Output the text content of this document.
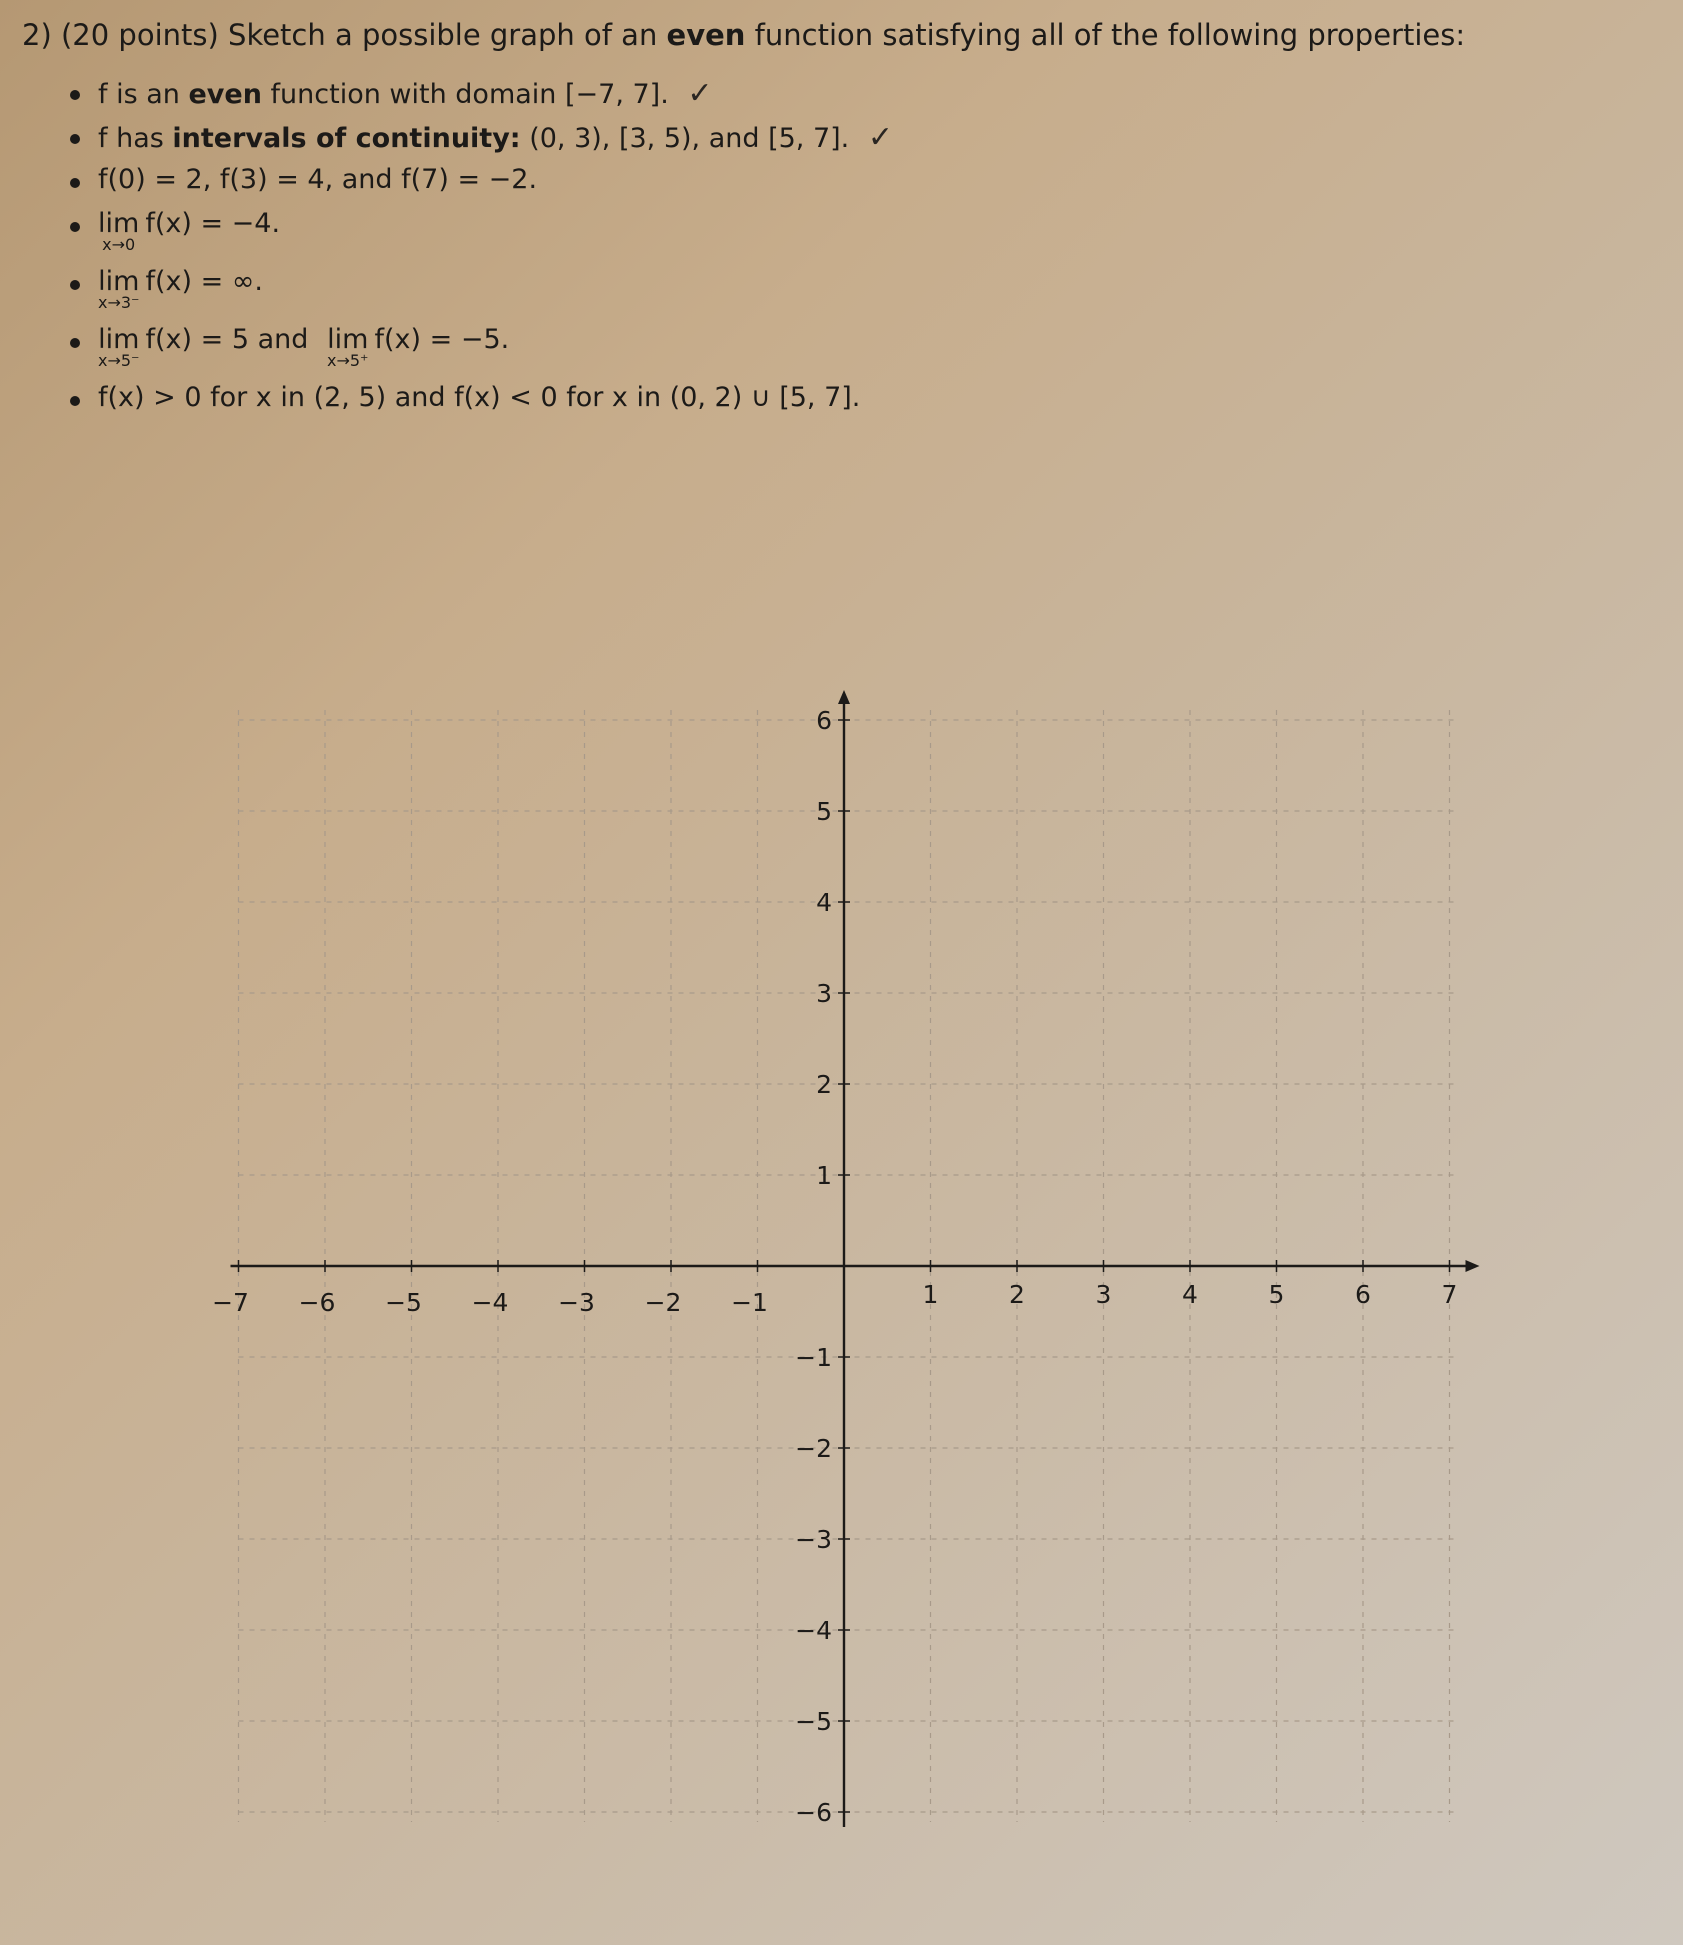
2) (20 points) Sketch a possible graph of an even function satisfying all of the following properties:
f is an even function with domain [−7, 7]. ✓
f has intervals of continuity: (0, 3), [3, 5), and [5, 7]. ✓
f(0) = 2, f(3) = 4, and f(7) = −2.
lim
x→0
f(x) = −4.
lim
x→3⁻
f(x) = ∞.
lim
x→5⁻
f(x) = 5 and lim
x→5⁺
f(x) = −5.
f(x) > 0 for x in (2, 5) and f(x) < 0 for x in (0, 2) ∪ [5, 7].
−7 −6 −5 −4 −3 −2 −1	1	2	3	4	5	6	7
6
5
4
3
2
1
−1
−2
−3
−4
−5
−6
